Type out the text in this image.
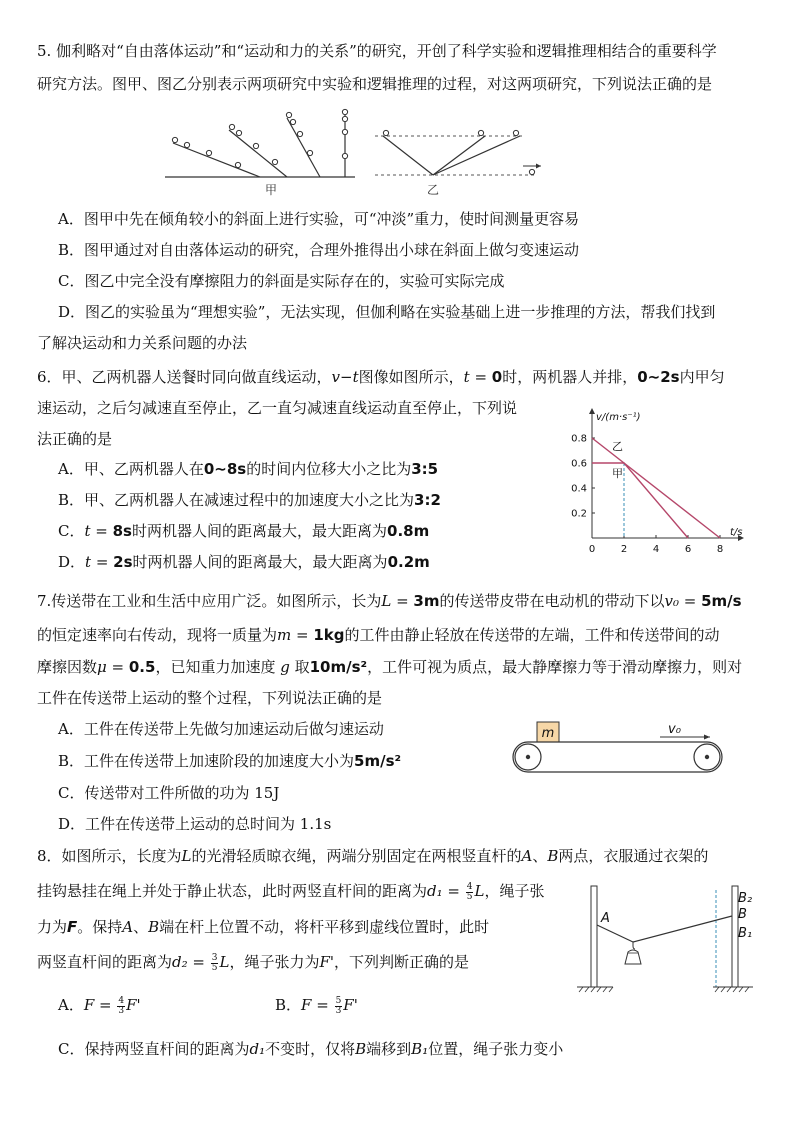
5. 伽利略对“自由落体运动”和“运动和力的关系”的研究，开创了科学实验和逻辑推理相结合的重要科学
研究方法。图甲、图乙分别表示两项研究中实验和逻辑推理的过程，对这两项研究，下列说法正确的是
甲	乙
A．图甲中先在倾角较小的斜面上进行实验，可“冲淡”重力，使时间测量更容易
B．图甲通过对自由落体运动的研究，合理外推得出小球在斜面上做匀变速运动
C．图乙中完全没有摩擦阻力的斜面是实际存在的，实验可实际完成
D．图乙的实验虽为“理想实验”，无法实现，但伽利略在实验基础上进一步推理的方法，帮我们找到
了解决运动和力关系问题的办法
6．甲、乙两机器人送餐时同向做直线运动，v−t图像如图所示，t = 0时，两机器人并排，0∼2s内甲匀
速运动，之后匀减速直至停止，乙一直匀减速直线运动直至停止，下列说
法正确的是
A．甲、乙两机器人在0∼8s的时间内位移大小之比为3:5
B．甲、乙两机器人在减速过程中的加速度大小之比为3:2
C．t = 8s时两机器人间的距离最大，最大距离为0.8m
D．t = 2s时两机器人间的距离最大，最大距离为0.2m
0	2	4	6	8
0.2
0.4
0.6
0.8
v/(m·s⁻¹)
t/s
甲
乙
7.传送带在工业和生活中应用广泛。如图所示，长为L = 3m的传送带皮带在电动机的带动下以v₀ = 5m/s
的恒定速率向右传动，现将一质量为m = 1kg的工件由静止轻放在传送带的左端，工件和传送带间的动
摩擦因数μ = 0.5，已知重力加速度 g 取10m/s²，工件可视为质点，最大静摩擦力等于滑动摩擦力，则对
工件在传送带上运动的整个过程，下列说法正确的是
A．工件在传送带上先做匀加速运动后做匀速运动
B．工件在传送带上加速阶段的加速度大小为5m/s²
C．传送带对工件所做的功为 15J
D．工件在传送带上运动的总时间为 1.1s
m	v₀
8．如图所示，长度为L的光滑轻质晾衣绳，两端分别固定在两根竖直杆的A、B两点，衣服通过衣架的
挂钩悬挂在绳上并处于静止状态，此时两竖直杆间的距离为$d_1 = \frac{4}{5}$ L，绳子张
力为F。保持A、B端在杆上位置不动，将杆平移到虚线位置时，此时
两竖直杆间的距离为$d_2 = \frac{3}{5}$ L，绳子张力为F'，下列判断正确的是
A．$F = \frac{4}{3} F'$	B．$F = \frac{5}{3} F'$
C．保持两竖直杆间的距离为d₁不变时，仅将B端移到B₁位置，绳子张力变小
A
B₂
B
B₁
